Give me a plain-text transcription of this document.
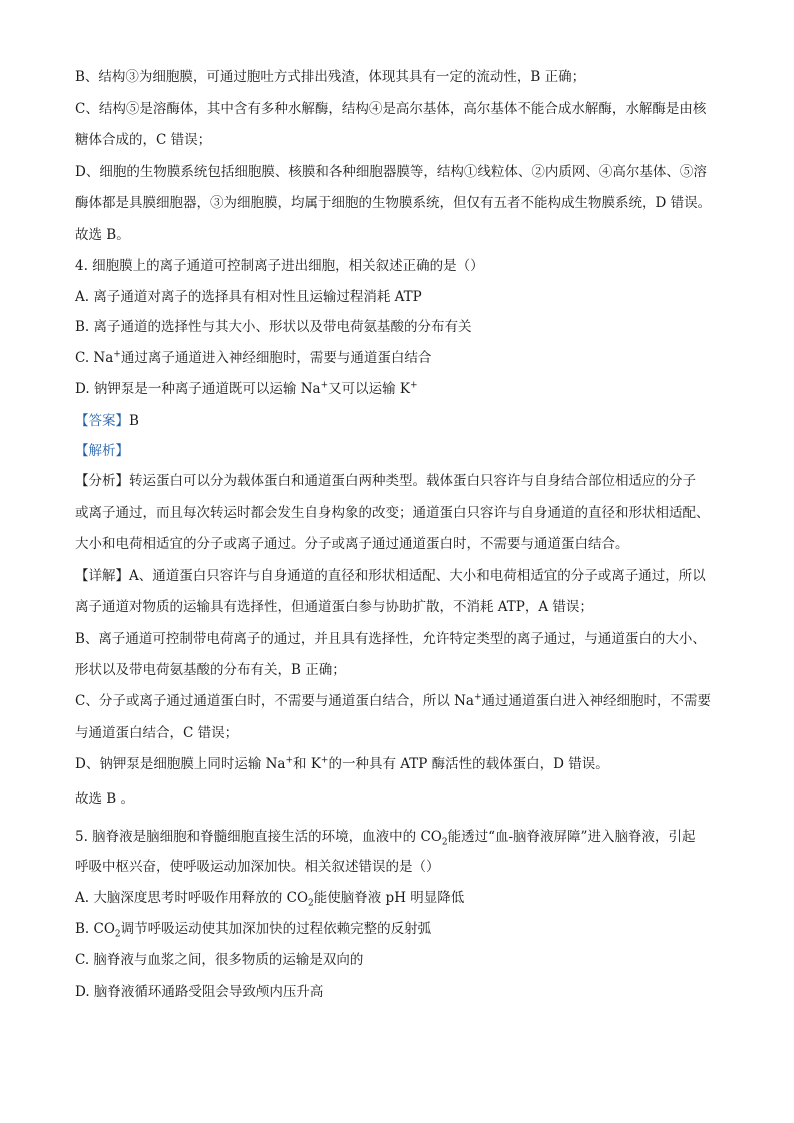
B、结构③为细胞膜，可通过胞吐方式排出残渣，体现其具有一定的流动性，B 正确；
C、结构⑤是溶酶体，其中含有多种水解酶，结构④是高尔基体，高尔基体不能合成水解酶，水解酶是由核
糖体合成的，C 错误；
D、细胞的生物膜系统包括细胞膜、核膜和各种细胞器膜等，结构①线粒体、②内质网、④高尔基体、⑤溶
酶体都是具膜细胞器，③为细胞膜，均属于细胞的生物膜系统，但仅有五者不能构成生物膜系统，D 错误。
故选 B。
4. 细胞膜上的离子通道可控制离子进出细胞，相关叙述正确的是（）
A. 离子通道对离子的选择具有相对性且运输过程消耗 ATP
B. 离子通道的选择性与其大小、形状以及带电荷氨基酸的分布有关
C. Na+通过离子通道进入神经细胞时，需要与通道蛋白结合
D. 钠钾泵是一种离子通道既可以运输 Na+又可以运输 K+
【答案】B
【解析】
【分析】转运蛋白可以分为载体蛋白和通道蛋白两种类型。载体蛋白只容许与自身结合部位相适应的分子
或离子通过，而且每次转运时都会发生自身构象的改变；通道蛋白只容许与自身通道的直径和形状相适配、
大小和电荷相适宜的分子或离子通过。分子或离子通过通道蛋白时，不需要与通道蛋白结合。
【详解】A、通道蛋白只容许与自身通道的直径和形状相适配、大小和电荷相适宜的分子或离子通过，所以
离子通道对物质的运输具有选择性，但通道蛋白参与协助扩散，不消耗 ATP，A 错误；
B、离子通道可控制带电荷离子的通过，并且具有选择性，允许特定类型的离子通过，与通道蛋白的大小、
形状以及带电荷氨基酸的分布有关，B 正确；
C、分子或离子通过通道蛋白时，不需要与通道蛋白结合，所以 Na+通过通道蛋白进入神经细胞时，不需要
与通道蛋白结合，C 错误；
D、钠钾泵是细胞膜上同时运输 Na+和 K+的一种具有 ATP 酶活性的载体蛋白，D 错误。
故选 B 。
5. 脑脊液是脑细胞和脊髓细胞直接生活的环境，血液中的 $CO_2$能透过“血-脑脊液屏障”进入脑脊液，引起
呼吸中枢兴奋，使呼吸运动加深加快。相关叙述错误的是（）
A. 大脑深度思考时呼吸作用释放的 $CO_2$能使脑脊液 pH 明显降低
B. $CO_2$调节呼吸运动使其加深加快的过程依赖完整的反射弧
C. 脑脊液与血浆之间，很多物质的运输是双向的
D. 脑脊液循环通路受阻会导致颅内压升高
